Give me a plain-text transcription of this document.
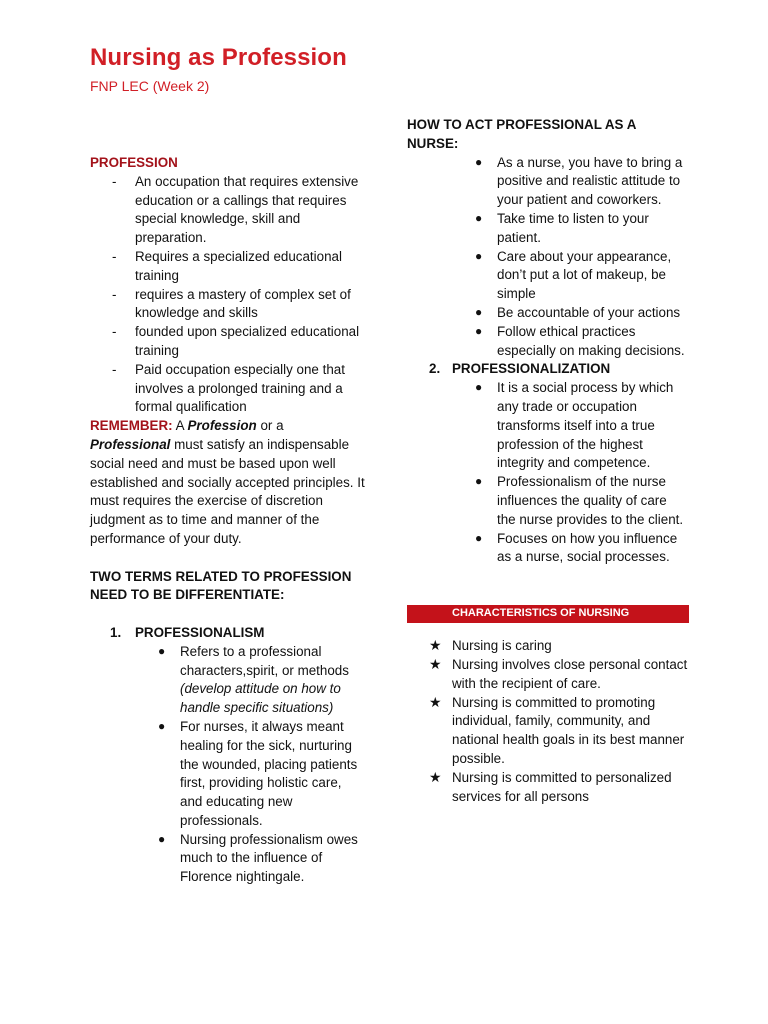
Nursing as Profession
FNP LEC (Week 2)
PROFESSION
- An occupation that requires extensive education or a callings that requires special knowledge, skill and preparation.
- Requires a specialized educational training
- requires a mastery of complex set of knowledge and skills
- founded upon specialized educational training
- Paid occupation especially one that involves a prolonged training and a formal qualification

REMEMBER: A Profession or a Professional must satisfy an indispensable social need and must be based upon well established and socially accepted principles. It must requires the exercise of discretion judgment as to time and manner of the performance of your duty.

TWO TERMS RELATED TO PROFESSION NEED TO BE DIFFERENTIATE:
1. PROFESSIONALISM
● Refers to a professional characters,spirit, or methods (develop attitude on how to handle specific situations)
● For nurses, it always meant healing for the sick, nurturing the wounded, placing patients first, providing holistic care, and educating new professionals.
● Nursing professionalism owes much to the influence of Florence nightingale.
HOW TO ACT PROFESSIONAL AS A NURSE:
● As a nurse, you have to bring a positive and realistic attitude to your patient and coworkers.
● Take time to listen to your patient.
● Care about your appearance, don’t put a lot of makeup, be simple
● Be accountable of your actions
● Follow ethical practices especially on making decisions.
2. PROFESSIONALIZATION
● It is a social process by which any trade or occupation transforms itself into a true profession of the highest integrity and competence.
● Professionalism of the nurse influences the quality of care the nurse provides to the client.
● Focuses on how you influence as a nurse, social processes.
CHARACTERISTICS OF NURSING
★ Nursing is caring
★ Nursing involves close personal contact with the recipient of care.
★ Nursing is committed to promoting individual, family, community, and national health goals in its best manner possible.
★ Nursing is committed to personalized services for all persons
